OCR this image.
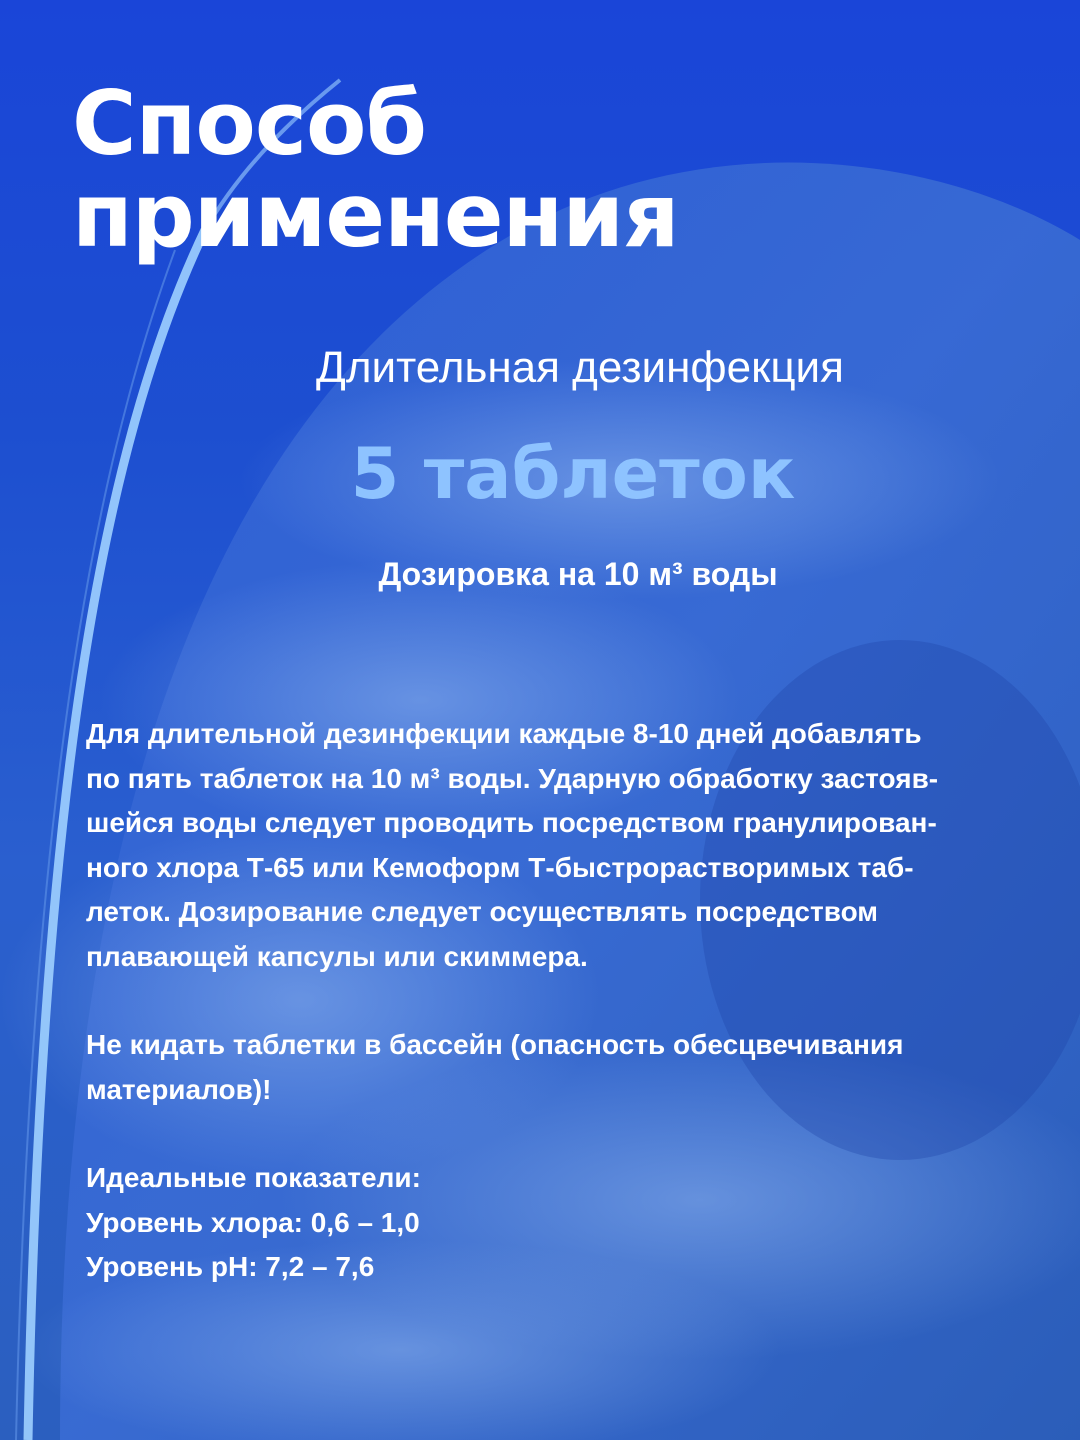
Способ
применения
Длительная дезинфекция
5 таблеток
Дозировка на 10 м³ воды

Для длительной дезинфекции каждые 8-10 дней добавлять
по пять таблеток на 10 м³ воды. Ударную обработку застояв-
шейся воды следует проводить посредством гранулирован-
ного хлора Т-65 или Кемоформ Т-быстрорастворимых таб-
леток. Дозирование следует осуществлять посредством
плавающей капсулы или скиммера.

Не кидать таблетки в бассейн (опасность обесцвечивания
материалов)!

Идеальные показатели:
Уровень хлора: 0,6 – 1,0
Уровень pH: 7,2 – 7,6
